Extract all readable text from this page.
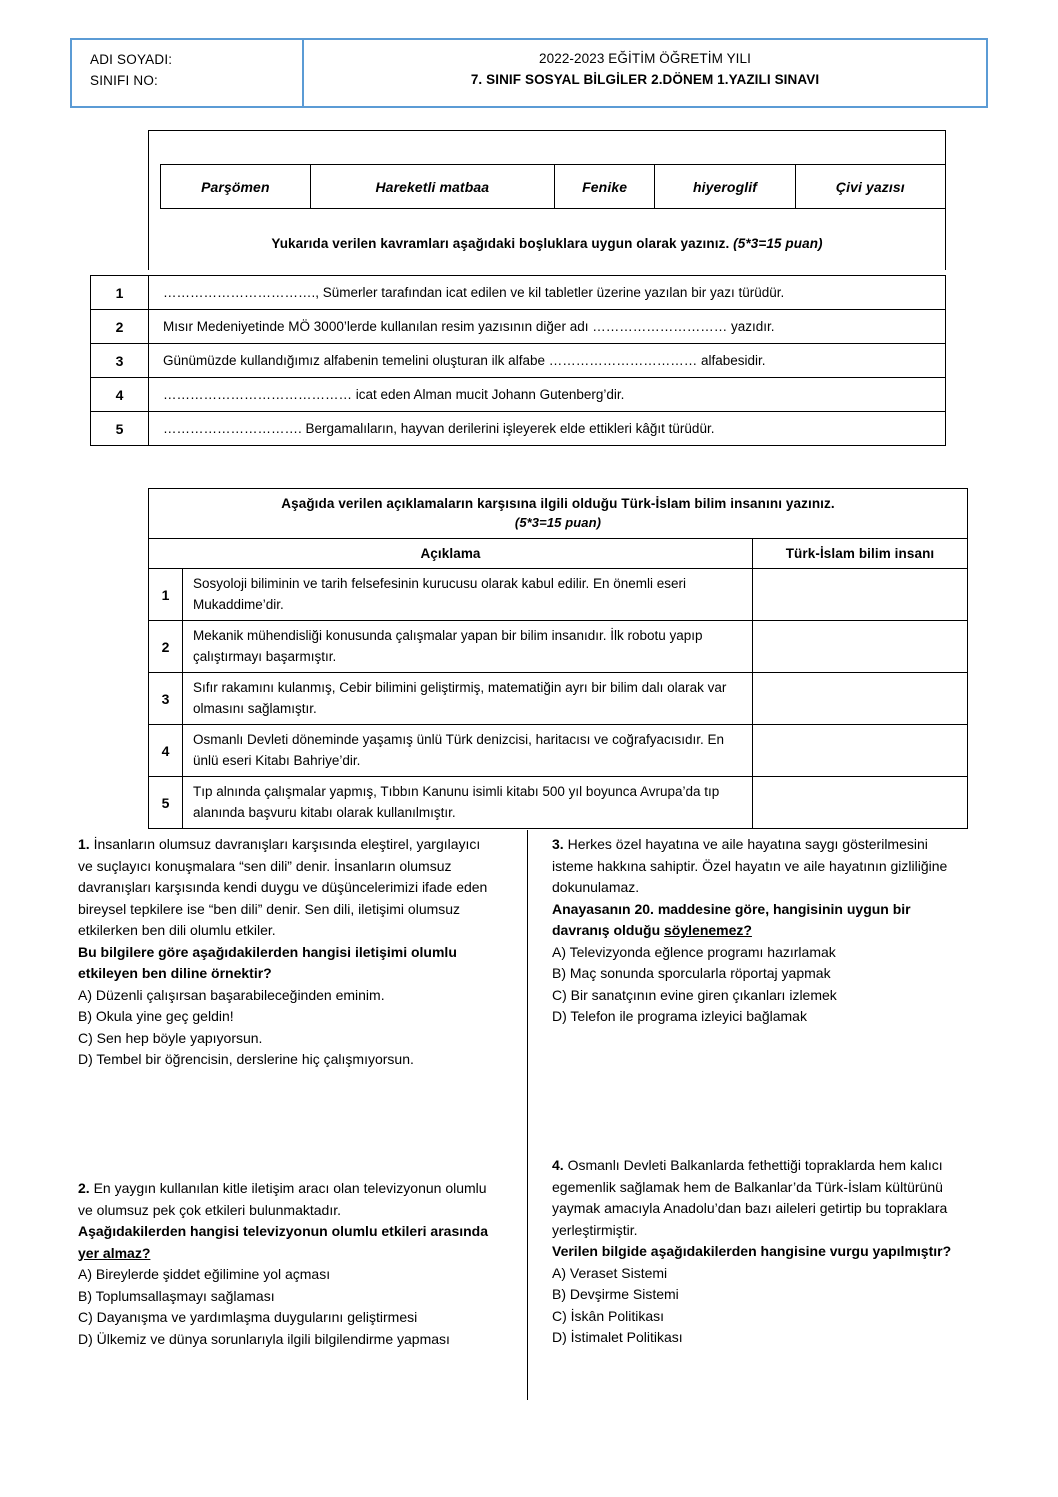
ADI SOYADI:
SINIFI NO:
2022-2023 EĞİTİM ÖĞRETİM YILI
7. SINIF SOSYAL BİLGİLER 2.DÖNEM 1.YAZILI SINAVI
Parşömen	Hareketli matbaa	Fenike	hiyeroglif	Çivi yazısı
Yukarıda verilen kavramları aşağıdaki boşluklara uygun olarak yazınız. (5*3=15 puan)
1	……………………………., Sümerler tarafından icat edilen ve kil tabletler üzerine yazılan bir yazı türüdür.
2	Mısır Medeniyetinde MÖ 3000’lerde kullanılan resim yazısının diğer adı ………………………… yazıdır.
3	Günümüzde kullandığımız alfabenin temelini oluşturan ilk alfabe …………………………… alfabesidir.
4	…………………………………… icat eden Alman mucit Johann Gutenberg’dir.
5	…………………………. Bergamalıların, hayvan derilerini işleyerek elde ettikleri kâğıt türüdür.
Aşağıda verilen açıklamaların karşısına ilgili olduğu Türk-İslam bilim insanını yazınız.
(5*3=15 puan)		

Açıklama		Türk-İslam bilim insanı
1	Sosyoloji biliminin ve tarih felsefesinin kurucusu olarak kabul edilir. En önemli eseri Mukaddime’dir.	
2	Mekanik mühendisliği konusunda çalışmalar yapan bir bilim insanıdır. İlk robotu yapıp çalıştırmayı başarmıştır.	
3	Sıfır rakamını kulanmış, Cebir bilimini geliştirmiş, matematiğin ayrı bir bilim dalı olarak var olmasını sağlamıştır.	
4	Osmanlı Devleti döneminde yaşamış ünlü Türk denizcisi, haritacısı ve coğrafyacısıdır. En ünlü eseri Kitabı Bahriye’dir.	
5	Tıp alnında çalışmalar yapmış, Tıbbın Kanunu isimli kitabı 500 yıl boyunca Avrupa’da tıp alanında başvuru kitabı olarak kullanılmıştır.	

1. İnsanların olumsuz davranışları karşısında eleştirel, yargılayıcı ve suçlayıcı konuşmalara “sen dili” denir. İnsanların olumsuz davranışları karşısında kendi duygu ve düşüncelerimizi ifade eden bireysel tepkilere ise “ben dili” denir. Sen dili, iletişimi olumsuz etkilerken ben dili olumlu etkiler.

Bu bilgilere göre aşağıdakilerden hangisi iletişimi olumlu etkileyen ben diline örnektir?

A) Düzenli çalışırsan başarabileceğinden eminim.

B) Okula yine geç geldin!

C) Sen hep böyle yapıyorsun.

D) Tembel bir öğrencisin, derslerine hiç çalışmıyorsun.

2. En yaygın kullanılan kitle iletişim aracı olan televizyonun olumlu ve olumsuz pek çok etkileri bulunmaktadır.

Aşağıdakilerden hangisi televizyonun olumlu etkileri arasında yer almaz?

A) Bireylerde şiddet eğilimine yol açması

B) Toplumsallaşmayı sağlaması

C) Dayanışma ve yardımlaşma duygularını geliştirmesi

D) Ülkemiz ve dünya sorunlarıyla ilgili bilgilendirme yapması

3. Herkes özel hayatına ve aile hayatına saygı gösterilmesini isteme hakkına sahiptir. Özel hayatın ve aile hayatının gizliliğine dokunulamaz.

Anayasanın 20. maddesine göre, hangisinin uygun bir davranış olduğu söylenemez?

A) Televizyonda eğlence programı hazırlamak

B) Maç sonunda sporcularla röportaj yapmak

C) Bir sanatçının evine giren çıkanları izlemek

D) Telefon ile programa izleyici bağlamak

4. Osmanlı Devleti Balkanlarda fethettiği topraklarda hem kalıcı egemenlik sağlamak hem de Balkanlar’da Türk-İslam kültürünü yaymak amacıyla Anadolu’dan bazı aileleri getirtip bu topraklara yerleştirmiştir.

Verilen bilgide aşağıdakilerden hangisine vurgu yapılmıştır?

A) Veraset Sistemi

B) Devşirme Sistemi

C) İskân Politikası

D) İstimalet Politikası
